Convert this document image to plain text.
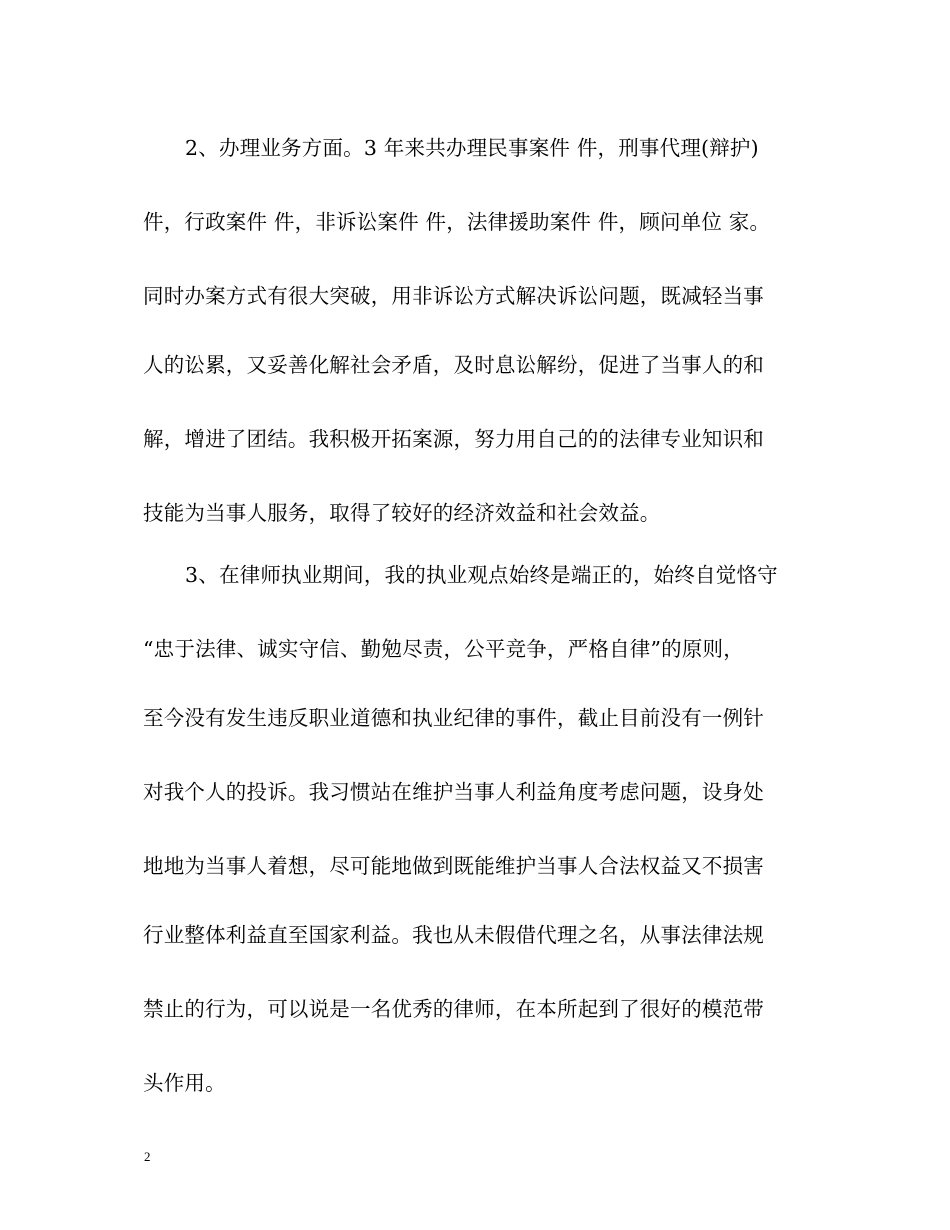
2、办理业务方面。3 年来共办理民事案件 件，刑事代理(辩护)
件，行政案件 件，非诉讼案件 件，法律援助案件 件，顾问单位 家。
同时办案方式有很大突破，用非诉讼方式解决诉讼问题，既减轻当事
人的讼累，又妥善化解社会矛盾，及时息讼解纷，促进了当事人的和
解，增进了团结。我积极开拓案源，努力用自己的的法律专业知识和
技能为当事人服务，取得了较好的经济效益和社会效益。
3、在律师执业期间，我的执业观点始终是端正的，始终自觉恪守
“忠于法律、诚实守信、勤勉尽责，公平竞争，严格自律”的原则，
至今没有发生违反职业道德和执业纪律的事件，截止目前没有一例针
对我个人的投诉。我习惯站在维护当事人利益角度考虑问题，设身处
地地为当事人着想，尽可能地做到既能维护当事人合法权益又不损害
行业整体利益直至国家利益。我也从未假借代理之名，从事法律法规
禁止的行为，可以说是一名优秀的律师，在本所起到了很好的模范带
头作用。
2
